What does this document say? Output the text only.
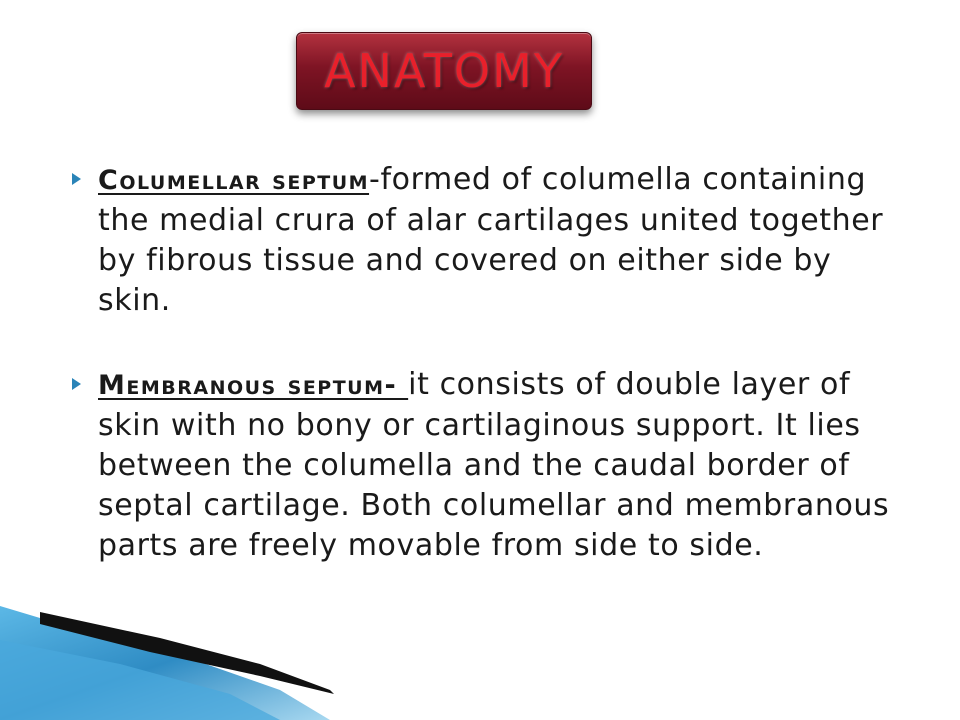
ANATOMY
Columellar septum-formed of columella containing the medial crura of alar cartilages united together by fibrous tissue and covered on either side by skin.
Membranous septum- it consists of double layer of skin with no bony or cartilaginous support. It lies between the columella and the caudal border of septal cartilage. Both columellar and membranous parts are freely movable from side to side.
